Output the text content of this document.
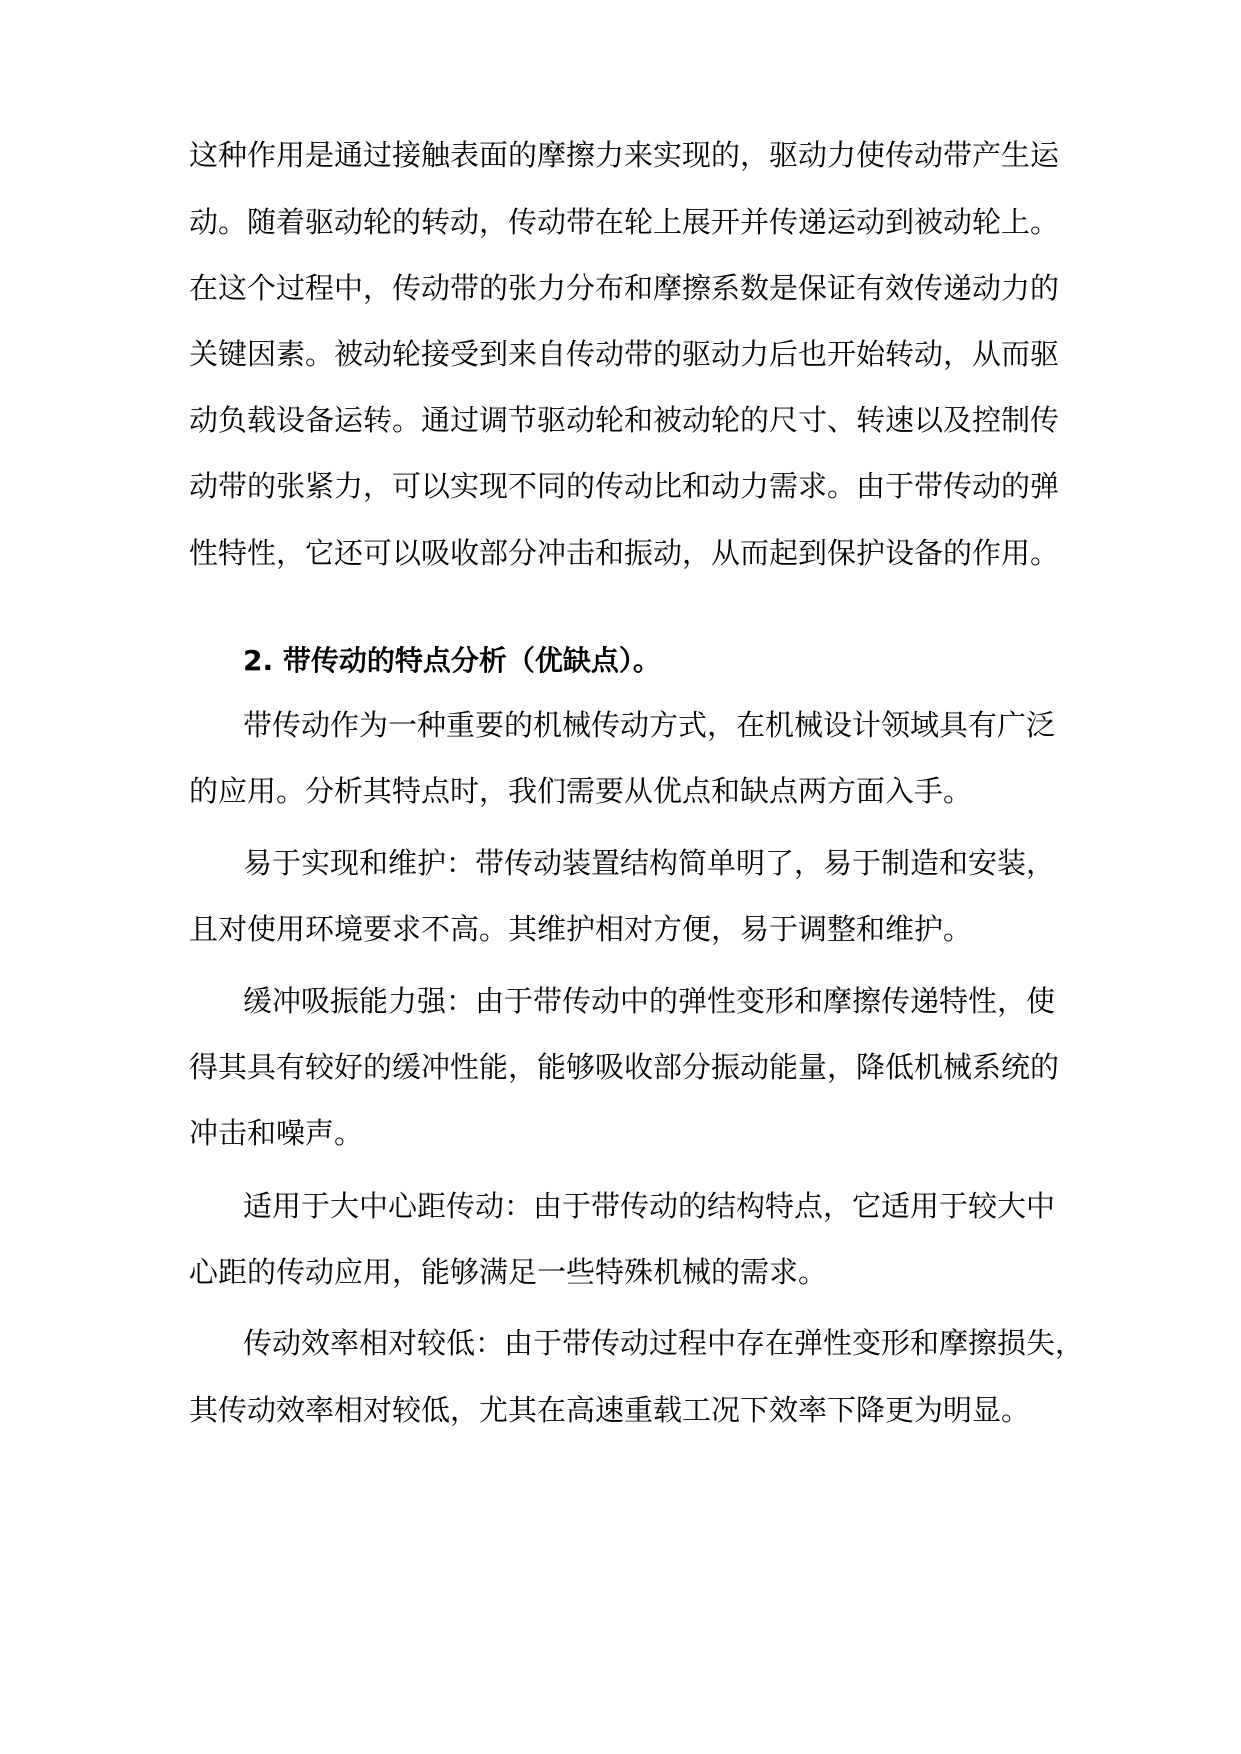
这种作用是通过接触表面的摩擦力来实现的，驱动力使传动带产生运
动。随着驱动轮的转动，传动带在轮上展开并传递运动到被动轮上。
在这个过程中，传动带的张力分布和摩擦系数是保证有效传递动力的
关键因素。被动轮接受到来自传动带的驱动力后也开始转动，从而驱
动负载设备运转。通过调节驱动轮和被动轮的尺寸、转速以及控制传
动带的张紧力，可以实现不同的传动比和动力需求。由于带传动的弹
性特性，它还可以吸收部分冲击和振动，从而起到保护设备的作用。
2. 带传动的特点分析（优缺点）。
带传动作为一种重要的机械传动方式，在机械设计领域具有广泛
的应用。分析其特点时，我们需要从优点和缺点两方面入手。
易于实现和维护：带传动装置结构简单明了，易于制造和安装，
且对使用环境要求不高。其维护相对方便，易于调整和维护。
缓冲吸振能力强：由于带传动中的弹性变形和摩擦传递特性，使
得其具有较好的缓冲性能，能够吸收部分振动能量，降低机械系统的
冲击和噪声。
适用于大中心距传动：由于带传动的结构特点，它适用于较大中
心距的传动应用，能够满足一些特殊机械的需求。
传动效率相对较低：由于带传动过程中存在弹性变形和摩擦损失，
其传动效率相对较低，尤其在高速重载工况下效率下降更为明显。
